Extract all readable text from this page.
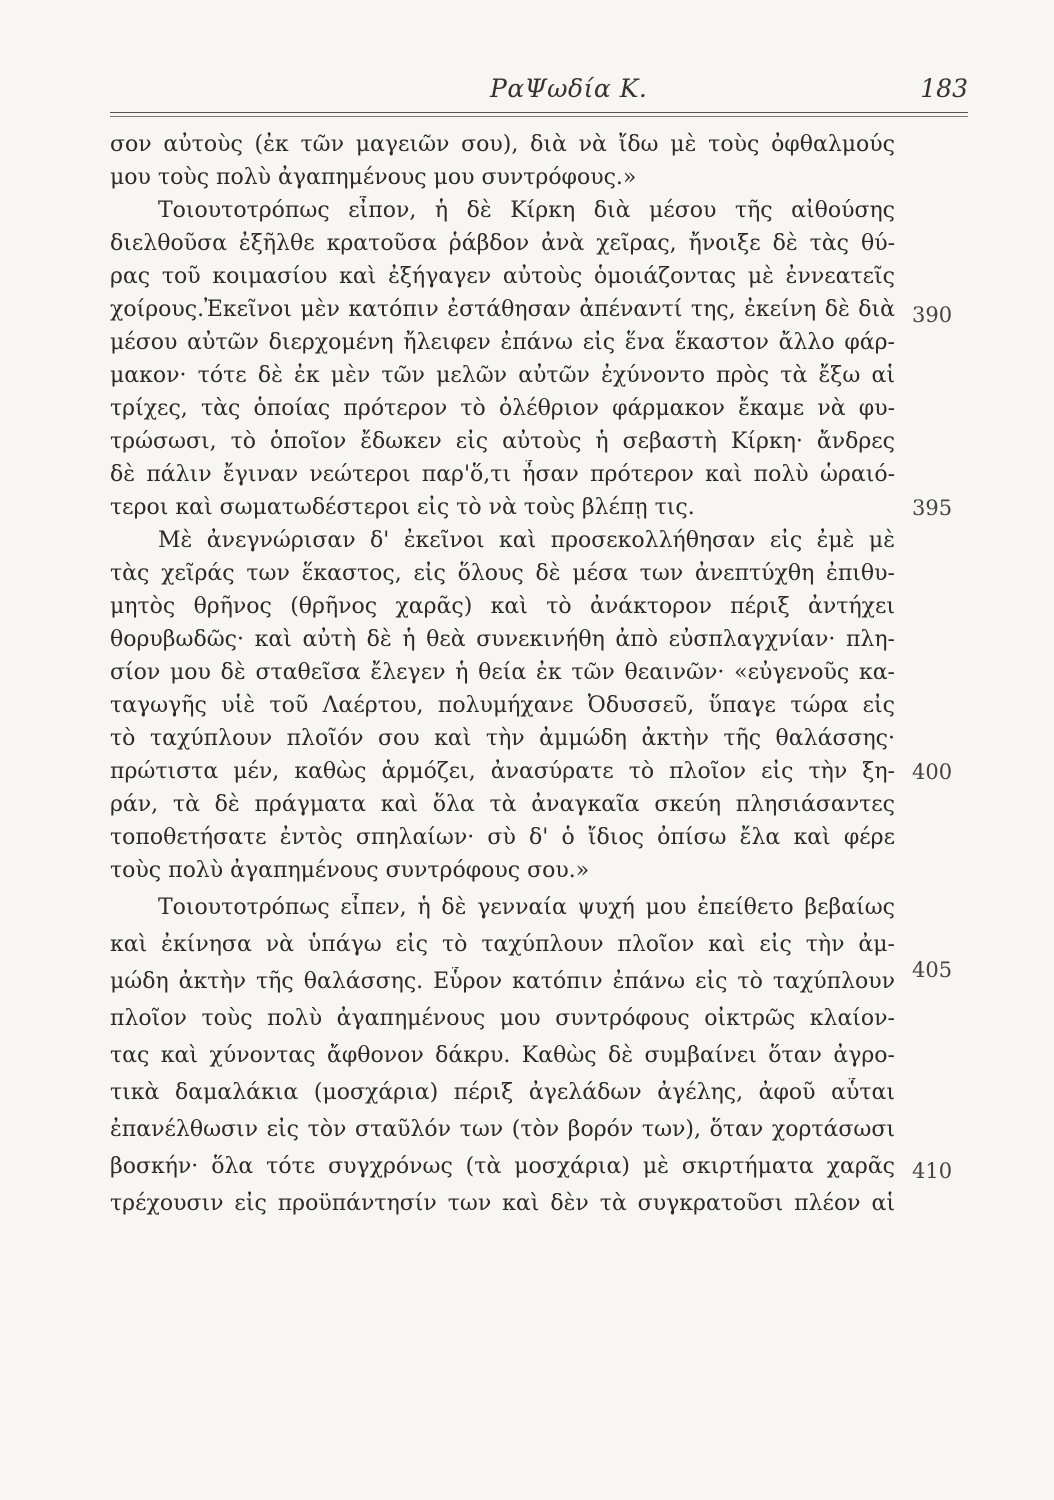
ΡαΨωδία Κ.	183
σον αὐτοὺς (ἐκ τῶν μαγειῶν σου), διὰ νὰ ἴδω μὲ τοὺς ὀφθαλμούς
μου τοὺς πολὺ ἀγαπημένους μου συντρόφους.»
Τοιουτοτρόπως εἶπον, ἡ δὲ Κίρκη διὰ μέσου τῆς αἰθούσης
διελθοῦσα ἐξῆλθε κρατοῦσα ῥάβδον ἀνὰ χεῖρας, ἤνοιξε δὲ τὰς θύ-
ρας τοῦ κοιμασίου καὶ ἐξήγαγεν αὐτοὺς ὁμοιάζοντας μὲ ἐννεατεῖς
χοίρους.Ἐκεῖνοι μὲν κατόπιν ἐστάθησαν ἀπέναντί της, ἐκείνη δὲ διὰ
μέσου αὐτῶν διερχομένη ἤλειφεν ἐπάνω εἰς ἕνα ἕκαστον ἄλλο φάρ-
μακον· τότε δὲ ἐκ μὲν τῶν μελῶν αὐτῶν ἐχύνοντο πρὸς τὰ ἔξω αἱ
τρίχες, τὰς ὁποίας πρότερον τὸ ὀλέθριον φάρμακον ἔκαμε νὰ φυ-
τρώσωσι, τὸ ὁποῖον ἔδωκεν εἰς αὐτοὺς ἡ σεβαστὴ Κίρκη· ἄνδρες
δὲ πάλιν ἔγιναν νεώτεροι παρ'ὅ,τι ἦσαν πρότερον καὶ πολὺ ὡραιό-
τεροι καὶ σωματωδέστεροι εἰς τὸ νὰ τοὺς βλέπῃ τις.
Μὲ ἀνεγνώρισαν δ' ἐκεῖνοι καὶ προσεκολλήθησαν εἰς ἐμὲ μὲ
τὰς χεῖράς των ἕκαστος, εἰς ὅλους δὲ μέσα των ἀνεπτύχθη ἐπιθυ-
μητὸς θρῆνος (θρῆνος χαρᾶς) καὶ τὸ ἀνάκτορον πέριξ ἀντήχει
θορυβωδῶς· καὶ αὐτὴ δὲ ἡ θεὰ συνεκινήθη ἀπὸ εὐσπλαγχνίαν· πλη-
σίον μου δὲ σταθεῖσα ἔλεγεν ἡ θεία ἐκ τῶν θεαινῶν· «εὐγενοῦς κα-
ταγωγῆς υἱὲ τοῦ Λαέρτου, πολυμήχανε Ὀδυσσεῦ, ὕπαγε τώρα εἰς
τὸ ταχύπλουν πλοῖόν σου καὶ τὴν ἀμμώδη ἀκτὴν τῆς θαλάσσης·
πρώτιστα μέν, καθὼς ἁρμόζει, ἀνασύρατε τὸ πλοῖον εἰς τὴν ξη-
ράν, τὰ δὲ πράγματα καὶ ὅλα τὰ ἀναγκαῖα σκεύη πλησιάσαντες
τοποθετήσατε ἐντὸς σπηλαίων· σὺ δ' ὁ ἴδιος ὀπίσω ἔλα καὶ φέρε
τοὺς πολὺ ἀγαπημένους συντρόφους σου.»
Τοιουτοτρόπως εἶπεν, ἡ δὲ γενναία ψυχή μου ἐπείθετο βεβαίως
καὶ ἐκίνησα νὰ ὑπάγω εἰς τὸ ταχύπλουν πλοῖον καὶ εἰς τὴν ἀμ-
μώδη ἀκτὴν τῆς θαλάσσης. Εὗρον κατόπιν ἐπάνω εἰς τὸ ταχύπλουν
πλοῖον τοὺς πολὺ ἀγαπημένους μου συντρόφους οἰκτρῶς κλαίον-
τας καὶ χύνοντας ἄφθονον δάκρυ. Καθὼς δὲ συμβαίνει ὅταν ἀγρο-
τικὰ δαμαλάκια (μοσχάρια) πέριξ ἀγελάδων ἀγέλης, ἀφοῦ αὗται
ἐπανέλθωσιν εἰς τὸν σταῦλόν των (τὸν βορόν των), ὅταν χορτάσωσι
βοσκήν· ὅλα τότε συγχρόνως (τὰ μοσχάρια) μὲ σκιρτήματα χαρᾶς
τρέχουσιν εἰς προϋπάντησίν των καὶ δὲν τὰ συγκρατοῦσι πλέον αἱ
390
395
400
405
410
